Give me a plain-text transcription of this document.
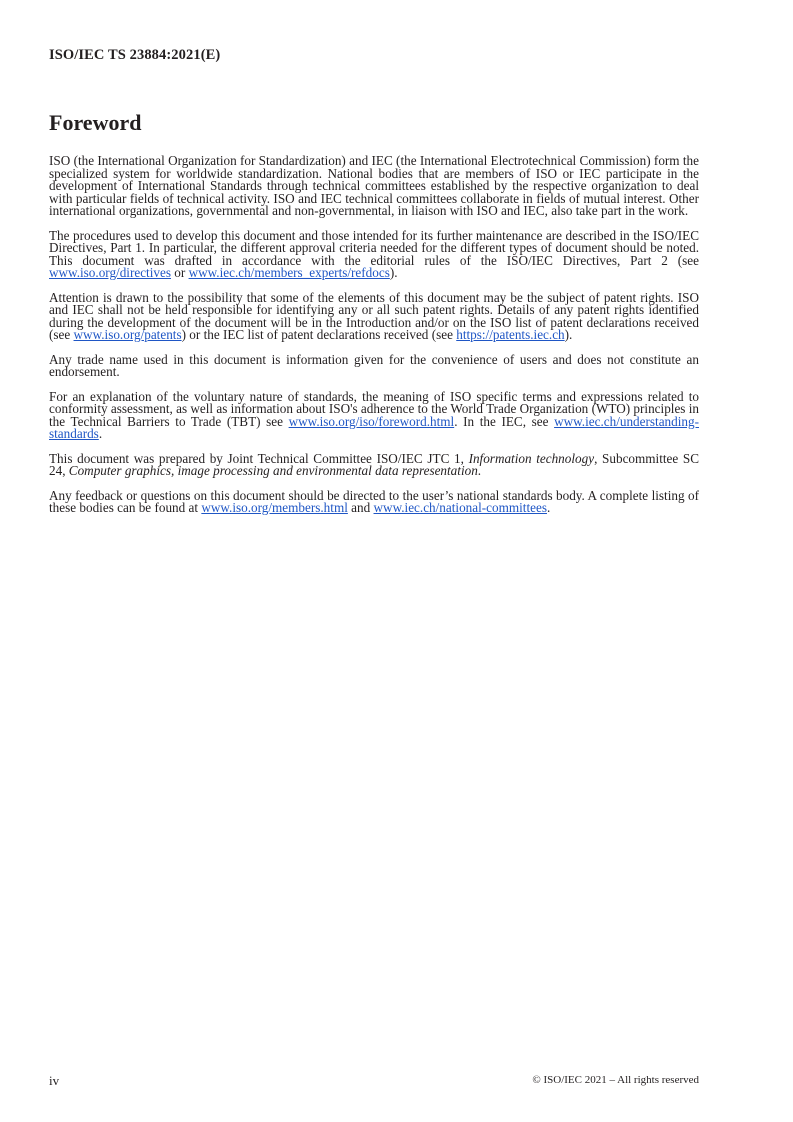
ISO/IEC TS 23884:2021(E)
Foreword

ISO (the International Organization for Standardization) and IEC (the International Electrotechnical Commission) form the specialized system for worldwide standardization. National bodies that are members of ISO or IEC participate in the development of International Standards through technical committees established by the respective organization to deal with particular fields of technical activity. ISO and IEC technical committees collaborate in fields of mutual interest. Other international organizations, governmental and non-governmental, in liaison with ISO and IEC, also take part in the work.

The procedures used to develop this document and those intended for its further maintenance are described in the ISO/IEC Directives, Part 1. In particular, the different approval criteria needed for the different types of document should be noted. This document was drafted in accordance with the editorial rules of the ISO/IEC Directives, Part 2 (see www.iso.org/directives or www.iec.ch/members_experts/refdocs).

Attention is drawn to the possibility that some of the elements of this document may be the subject of patent rights. ISO and IEC shall not be held responsible for identifying any or all such patent rights. Details of any patent rights identified during the development of the document will be in the Introduction and/or on the ISO list of patent declarations received (see www.iso.org/patents) or the IEC list of patent declarations received (see https://patents.iec.ch).

Any trade name used in this document is information given for the convenience of users and does not constitute an endorsement.

For an explanation of the voluntary nature of standards, the meaning of ISO specific terms and expressions related to conformity assessment, as well as information about ISO's adherence to the World Trade Organization (WTO) principles in the Technical Barriers to Trade (TBT) see www.iso.org/iso/foreword.html. In the IEC, see www.iec.ch/understanding-standards.

This document was prepared by Joint Technical Committee ISO/IEC JTC 1, Information technology, Subcommittee SC 24, Computer graphics, image processing and environmental data representation.

Any feedback or questions on this document should be directed to the user’s national standards body. A complete listing of these bodies can be found at www.iso.org/members.html and www.iec.ch/national-committees.

iv	© ISO/IEC 2021 – All rights reserved
